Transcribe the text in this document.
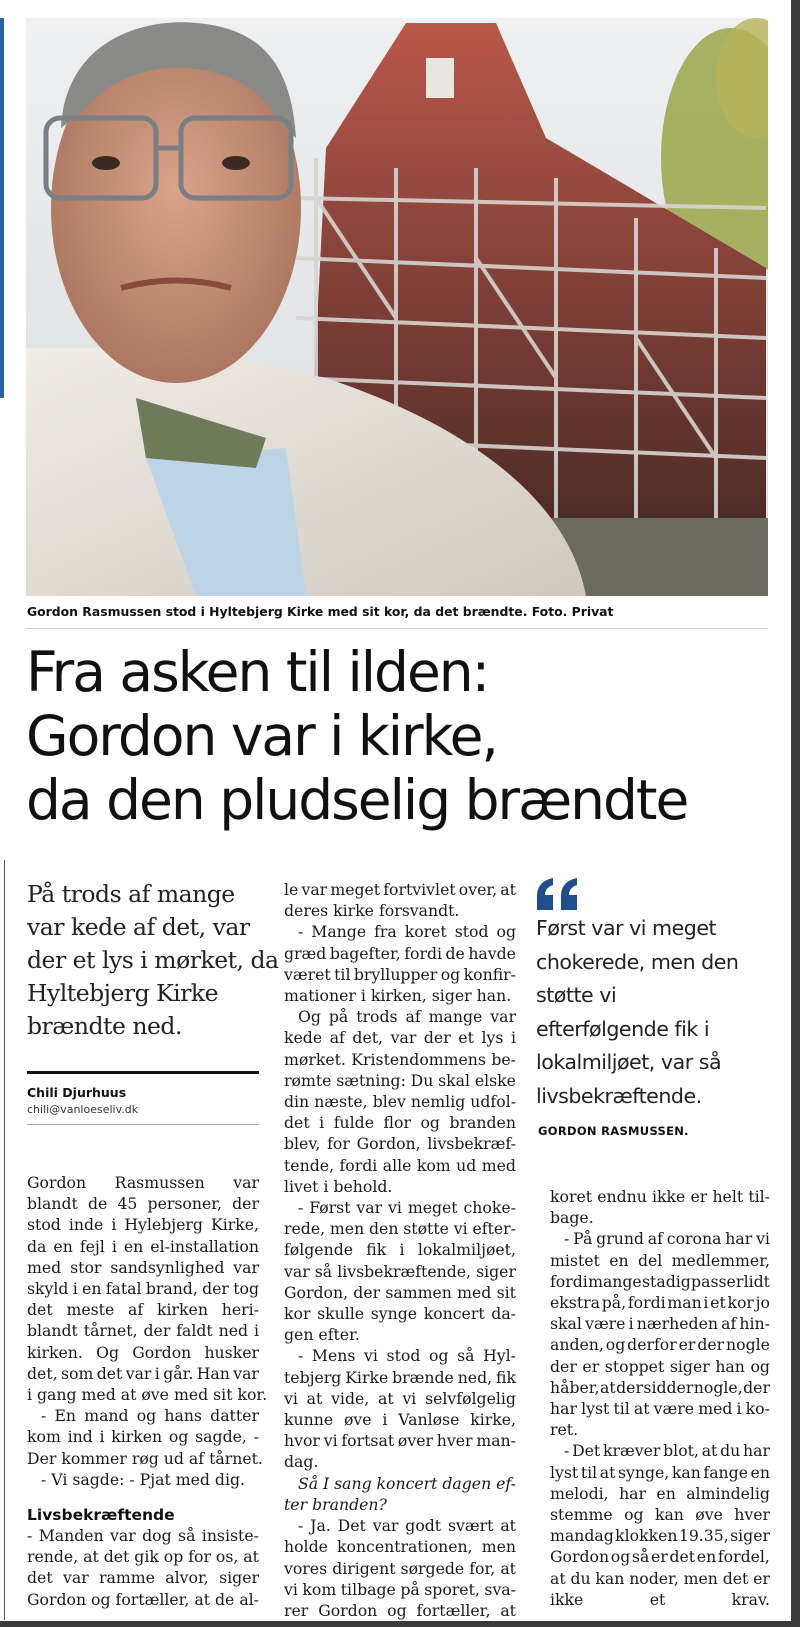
Gordon Rasmussen stod i Hyltebjerg Kirke med sit kor, da det brændte. Foto. Privat
Fra asken til ilden:
Gordon var i kirke,
da den pludselig brændte
På trods af mange
var kede af det, var
der et lys i mørket, da
Hyltebjerg Kirke
brændte ned.
Chili Djurhuus
chili@vanloeseliv.dk
Gordon Rasmussen var
blandt de 45 personer, der
stod inde i Hylebjerg Kirke,
da en fejl i en el-installation
med stor sandsynlighed var
skyld i en fatal brand, der tog
det meste af kirken heri-
blandt tårnet, der faldt ned i
kirken. Og Gordon husker
det, som det var i går. Han var
i gang med at øve med sit kor.
- En mand og hans datter
kom ind i kirken og sagde, -
Der kommer røg ud af tårnet.
- Vi sagde: - Pjat med dig.
Livsbekræftende
- Manden var dog så insiste-
rende, at det gik op for os, at
det var ramme alvor, siger
Gordon og fortæller, at de al-
le var meget fortvivlet over, at
deres kirke forsvandt.
- Mange fra koret stod og
græd bagefter, fordi de havde
været til bryllupper og konfir-
mationer i kirken, siger han.
Og på trods af mange var
kede af det, var der et lys i
mørket. Kristendommens be-
rømte sætning: Du skal elske
din næste, blev nemlig udfol-
det i fulde flor og branden
blev, for Gordon, livsbekræf-
tende, fordi alle kom ud med
livet i behold.
- Først var vi meget choke-
rede, men den støtte vi efter-
følgende fik i lokalmiljøet,
var så livsbekræftende, siger
Gordon, der sammen med sit
kor skulle synge koncert da-
gen efter.
- Mens vi stod og så Hyl-
tebjerg Kirke brænde ned, fik
vi at vide, at vi selvfølgelig
kunne øve i Vanløse kirke,
hvor vi fortsat øver hver man-
dag.
Så I sang koncert dagen ef-
ter branden?
- Ja. Det var godt svært at
holde koncentrationen, men
vores dirigent sørgede for, at
vi kom tilbage på sporet, sva-
rer Gordon og fortæller, at
Først var vi meget
chokerede, men den
støtte vi
efterfølgende fik i
lokalmiljøet, var så
livsbekræftende.
GORDON RASMUSSEN.
koret endnu ikke er helt til-
bage.
- På grund af corona har vi
mistet en del medlemmer,
fordi mange stadig passer lidt
ekstra på, fordi man i et kor jo
skal være i nærheden af hin-
anden, og derfor er der nogle
der er stoppet siger han og
håber, at der sidder nogle, der
har lyst til at være med i ko-
ret.
- Det kræver blot, at du har
lyst til at synge, kan fange en
melodi, har en almindelig
stemme og kan øve hver
mandag klokken 19.35, siger
Gordon og så er det en fordel,
at du kan noder, men det er
ikke	et	krav.
